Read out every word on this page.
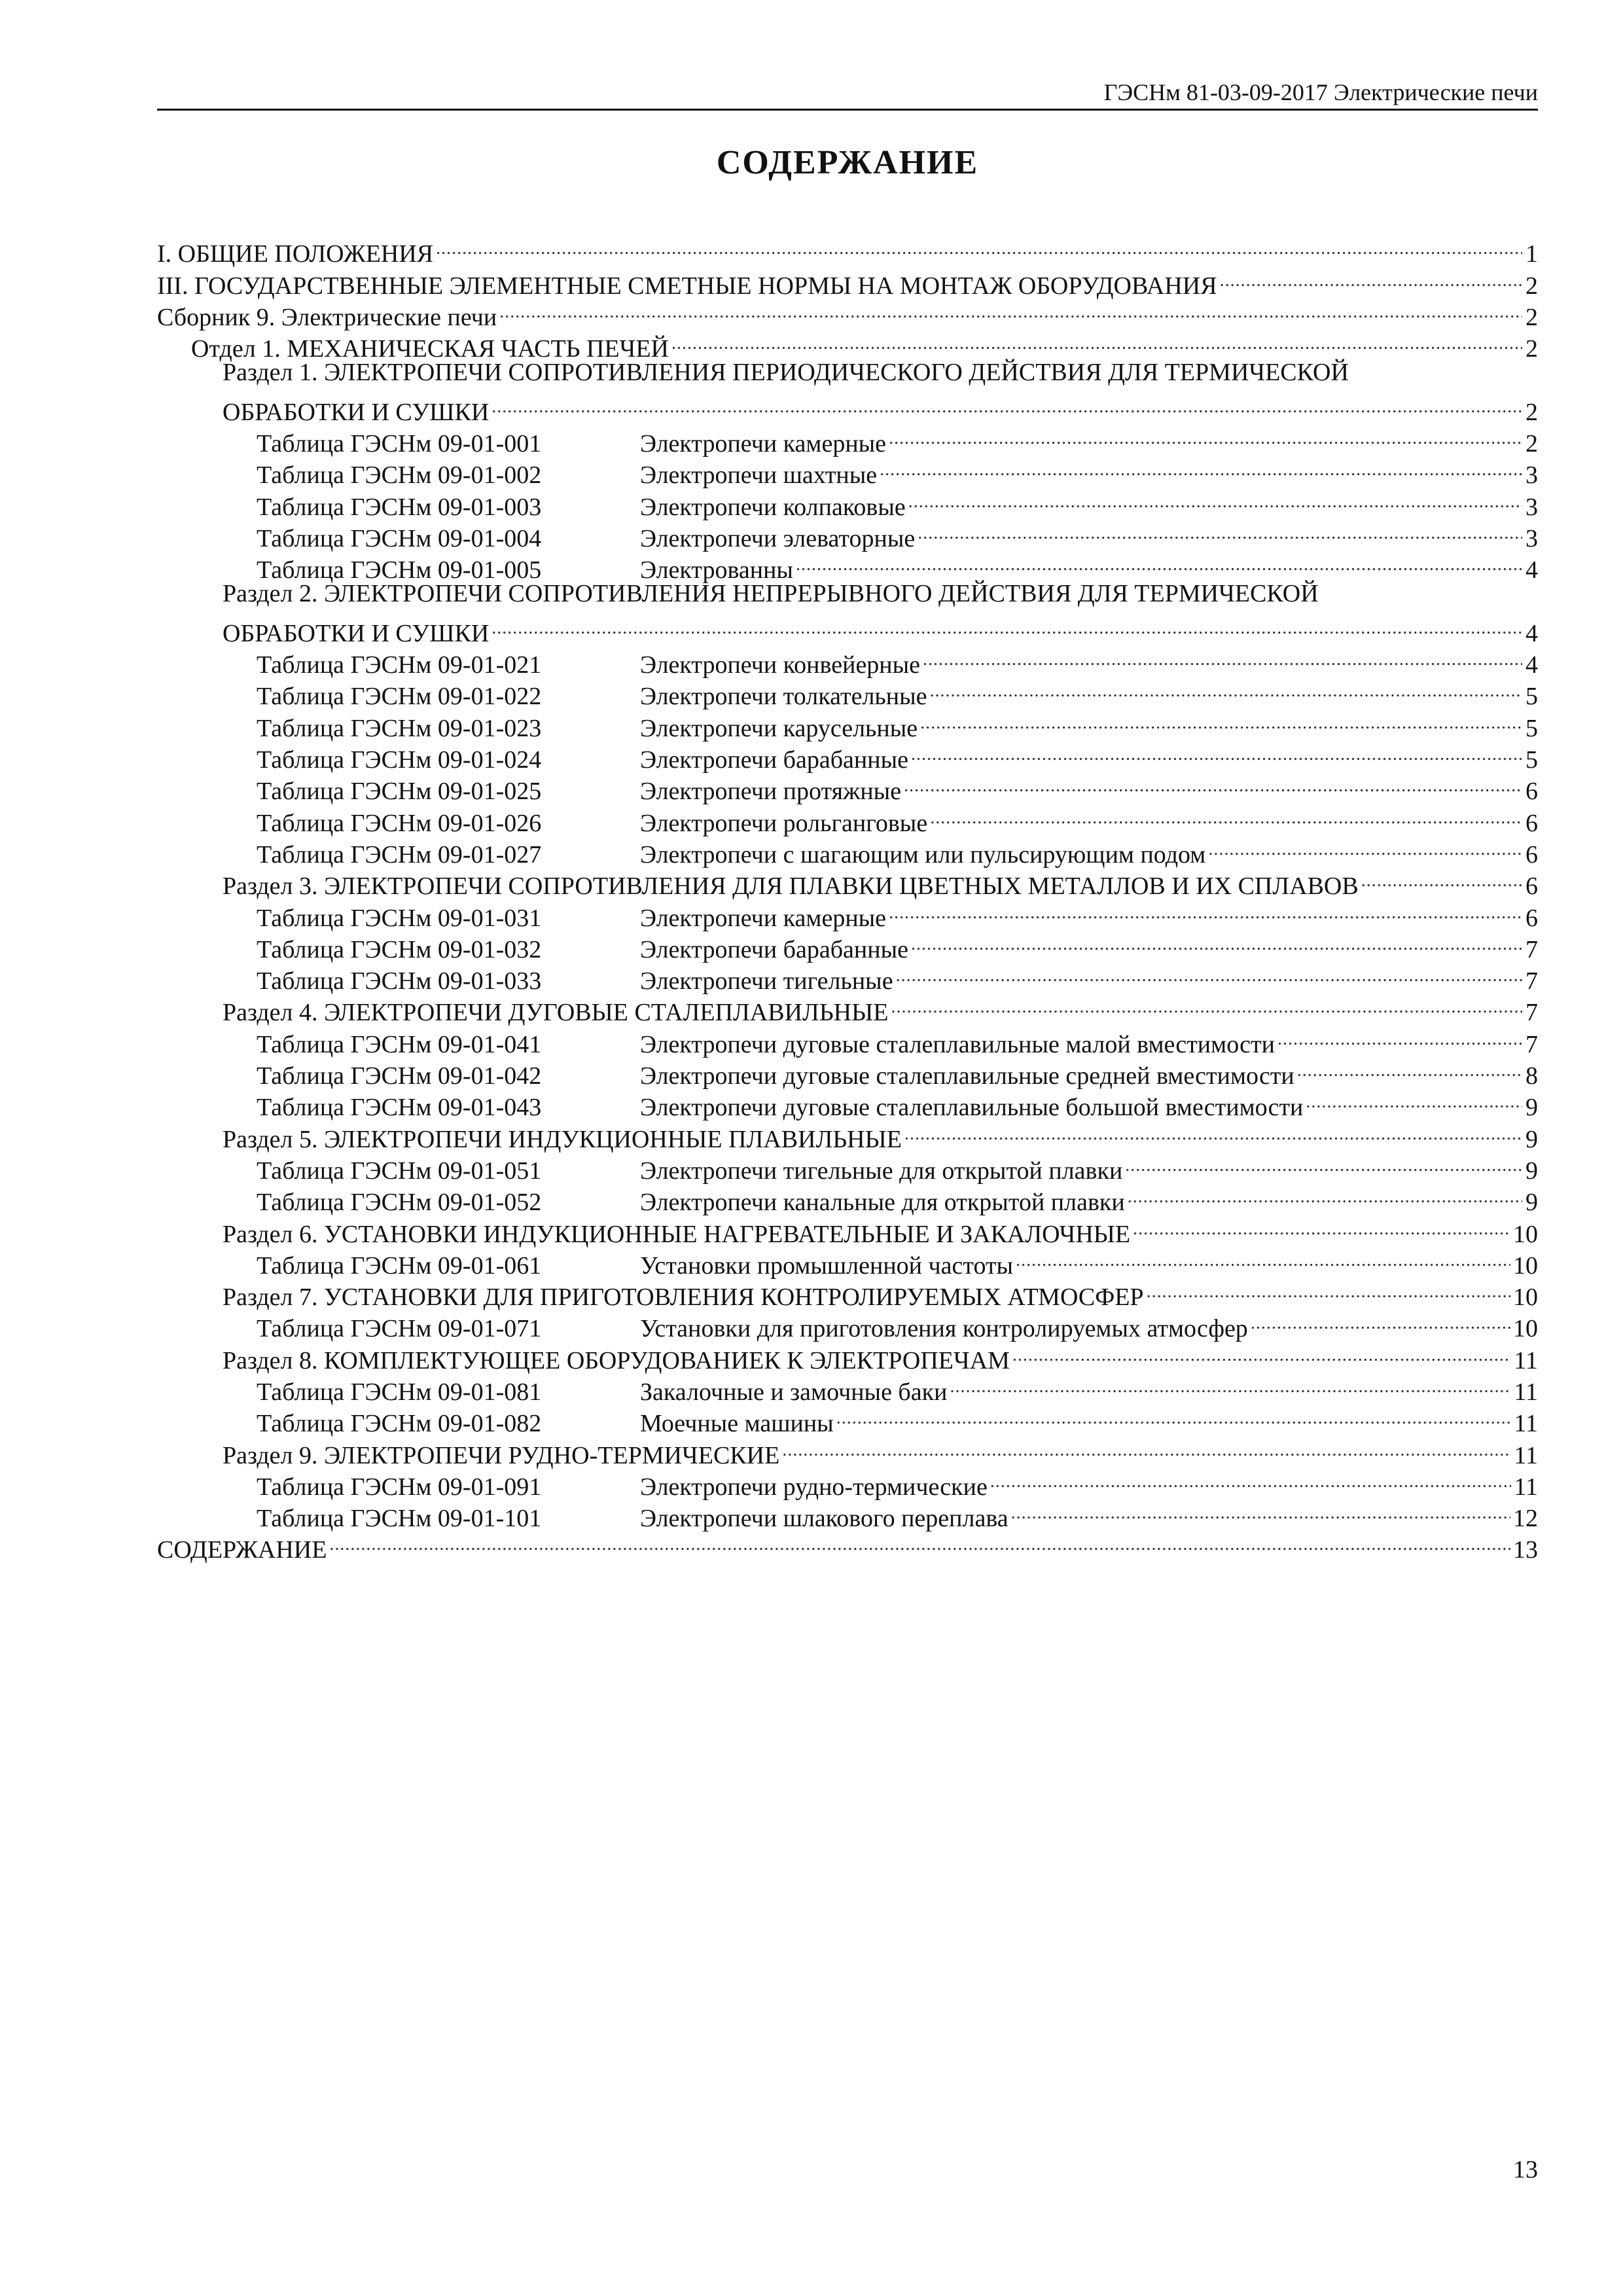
ГЭСНм 81-03-09-2017 Электрические печи
СОДЕРЖАНИЕ
I. ОБЩИЕ ПОЛОЖЕНИЯ .....	1
III. ГОСУДАРСТВЕННЫЕ ЭЛЕМЕНТНЫЕ СМЕТНЫЕ НОРМЫ НА МОНТАЖ ОБОРУДОВАНИЯ .....	2
Сборник 9. Электрические печи .....	2
Отдел 1. МЕХАНИЧЕСКАЯ ЧАСТЬ ПЕЧЕЙ .....	2
Раздел 1. ЭЛЕКТРОПЕЧИ СОПРОТИВЛЕНИЯ ПЕРИОДИЧЕСКОГО ДЕЙСТВИЯ ДЛЯ ТЕРМИЧЕСКОЙ
ОБРАБОТКИ И СУШКИ .....	2
Таблица ГЭСНм 09-01-001	Электропечи камерные .....	2
Таблица ГЭСНм 09-01-002	Электропечи шахтные .....	3
Таблица ГЭСНм 09-01-003	Электропечи колпаковые .....	3
Таблица ГЭСНм 09-01-004	Электропечи элеваторные .....	3
Таблица ГЭСНм 09-01-005	Электрованны .....	4
Раздел 2. ЭЛЕКТРОПЕЧИ СОПРОТИВЛЕНИЯ НЕПРЕРЫВНОГО ДЕЙСТВИЯ ДЛЯ ТЕРМИЧЕСКОЙ
ОБРАБОТКИ И СУШКИ .....	4
Таблица ГЭСНм 09-01-021	Электропечи конвейерные .....	4
Таблица ГЭСНм 09-01-022	Электропечи толкательные .....	5
Таблица ГЭСНм 09-01-023	Электропечи карусельные .....	5
Таблица ГЭСНм 09-01-024	Электропечи барабанные .....	5
Таблица ГЭСНм 09-01-025	Электропечи протяжные .....	6
Таблица ГЭСНм 09-01-026	Электропечи рольганговые .....	6
Таблица ГЭСНм 09-01-027	Электропечи с шагающим или пульсирующим подом .....	6
Раздел 3. ЭЛЕКТРОПЕЧИ СОПРОТИВЛЕНИЯ ДЛЯ ПЛАВКИ ЦВЕТНЫХ МЕТАЛЛОВ И ИХ СПЛАВОВ .....	6
Таблица ГЭСНм 09-01-031	Электропечи камерные .....	6
Таблица ГЭСНм 09-01-032	Электропечи барабанные .....	7
Таблица ГЭСНм 09-01-033	Электропечи тигельные .....	7
Раздел 4. ЭЛЕКТРОПЕЧИ ДУГОВЫЕ СТАЛЕПЛАВИЛЬНЫЕ .....	7
Таблица ГЭСНм 09-01-041	Электропечи дуговые сталеплавильные малой вместимости .....	7
Таблица ГЭСНм 09-01-042	Электропечи дуговые сталеплавильные средней вместимости .....	8
Таблица ГЭСНм 09-01-043	Электропечи дуговые сталеплавильные большой вместимости .....	9
Раздел 5. ЭЛЕКТРОПЕЧИ ИНДУКЦИОННЫЕ ПЛАВИЛЬНЫЕ .....	9
Таблица ГЭСНм 09-01-051	Электропечи тигельные для открытой плавки .....	9
Таблица ГЭСНм 09-01-052	Электропечи канальные для открытой плавки .....	9
Раздел 6. УСТАНОВКИ ИНДУКЦИОННЫЕ НАГРЕВАТЕЛЬНЫЕ И ЗАКАЛОЧНЫЕ .....	10
Таблица ГЭСНм 09-01-061	Установки промышленной частоты .....	10
Раздел 7. УСТАНОВКИ ДЛЯ ПРИГОТОВЛЕНИЯ КОНТРОЛИРУЕМЫХ АТМОСФЕР .....	10
Таблица ГЭСНм 09-01-071	Установки для приготовления контролируемых атмосфер .....	10
Раздел 8. КОМПЛЕКТУЮЩЕЕ ОБОРУДОВАНИЕК К ЭЛЕКТРОПЕЧАМ .....	11
Таблица ГЭСНм 09-01-081	Закалочные и замочные баки .....	11
Таблица ГЭСНм 09-01-082	Моечные машины .....	11
Раздел 9. ЭЛЕКТРОПЕЧИ РУДНО-ТЕРМИЧЕСКИЕ .....	11
Таблица ГЭСНм 09-01-091	Электропечи рудно-термические .....	11
Таблица ГЭСНм 09-01-101	Электропечи шлакового переплава .....	12
СОДЕРЖАНИЕ .....	13
13
